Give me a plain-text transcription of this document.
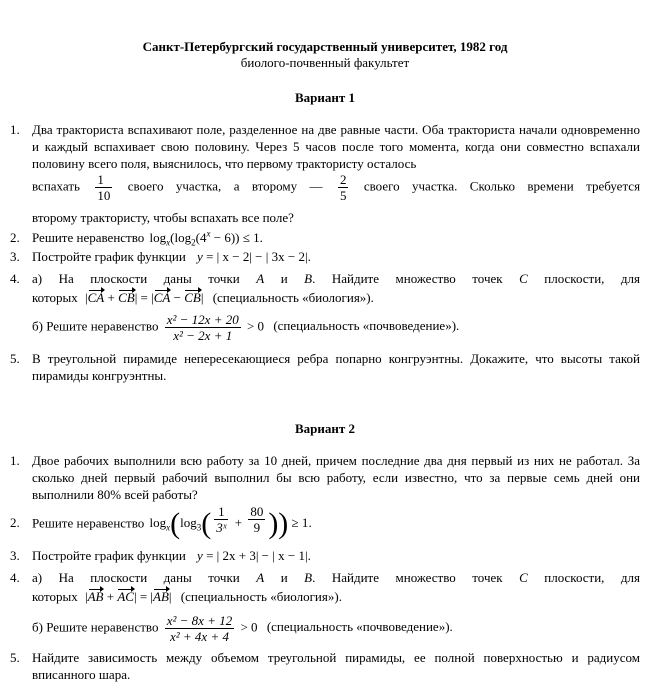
Санкт-Петербургский государственный университет, 1982 год
биолого-почвенный факультет
Вариант 1
1. Два тракториста вспахивают поле, разделенное на две равные части. Оба тракториста начали одновременно и каждый вспахивает свою половину. Через 5 часов после того момента, когда они совместно вспахали половину всего поля, выяснилось, что первому трактористу осталось
вспахать $\frac{1}{10}$ своего участка, а второму — $\frac{2}{5}$ своего участка. Сколько времени требуется
второму трактористу, чтобы вспахать все поле?
2. Решите неравенство $\log_x(\log_2(4^x - 6)) \le 1$.
3. Постройте график функции y = | x − 2| − | 3x − 2|.
4. а) На плоскости даны точки A и B. Найдите множество точек C плоскости, для
которых |CA + CB| = |CA − CB| (специальность «биология»).
б) Решите неравенство $\frac{\text{x² − 12x + 20}}{\text{x² − 2x + 1}} > 0$ (специальность «почвоведение»).
5. В треугольной пирамиде непересекающиеся ребра попарно конгруэнтны. Докажите, что высоты такой пирамиды конгруэнтны.
Вариант 2
1. Двое рабочих выполнили всю работу за 10 дней, причем последние два дня первый из них не работал. За сколько дней первый рабочий выполнил бы всю работу, если известно, что за первые семь дней они выполнили 80% всей работы?
2. Решите неравенство $\log_x(\log_3( \frac{1}{\text{3ˣ}} + \frac{80}{9}$ )) ≥ 1.
3. Постройте график функции y = | 2x + 3| − | x − 1|.
4. а) На плоскости даны точки A и B. Найдите множество точек C плоскости, для
которых |AB + AC| = |AB| (специальность «биология»).
б) Решите неравенство $\frac{\text{x² − 8x + 12}}{\text{x² + 4x + 4}} > 0$ (специальность «почвоведение»).
5. Найдите зависимость между объемом треугольной пирамиды, ее полной поверхностью и радиусом вписанного шара.
